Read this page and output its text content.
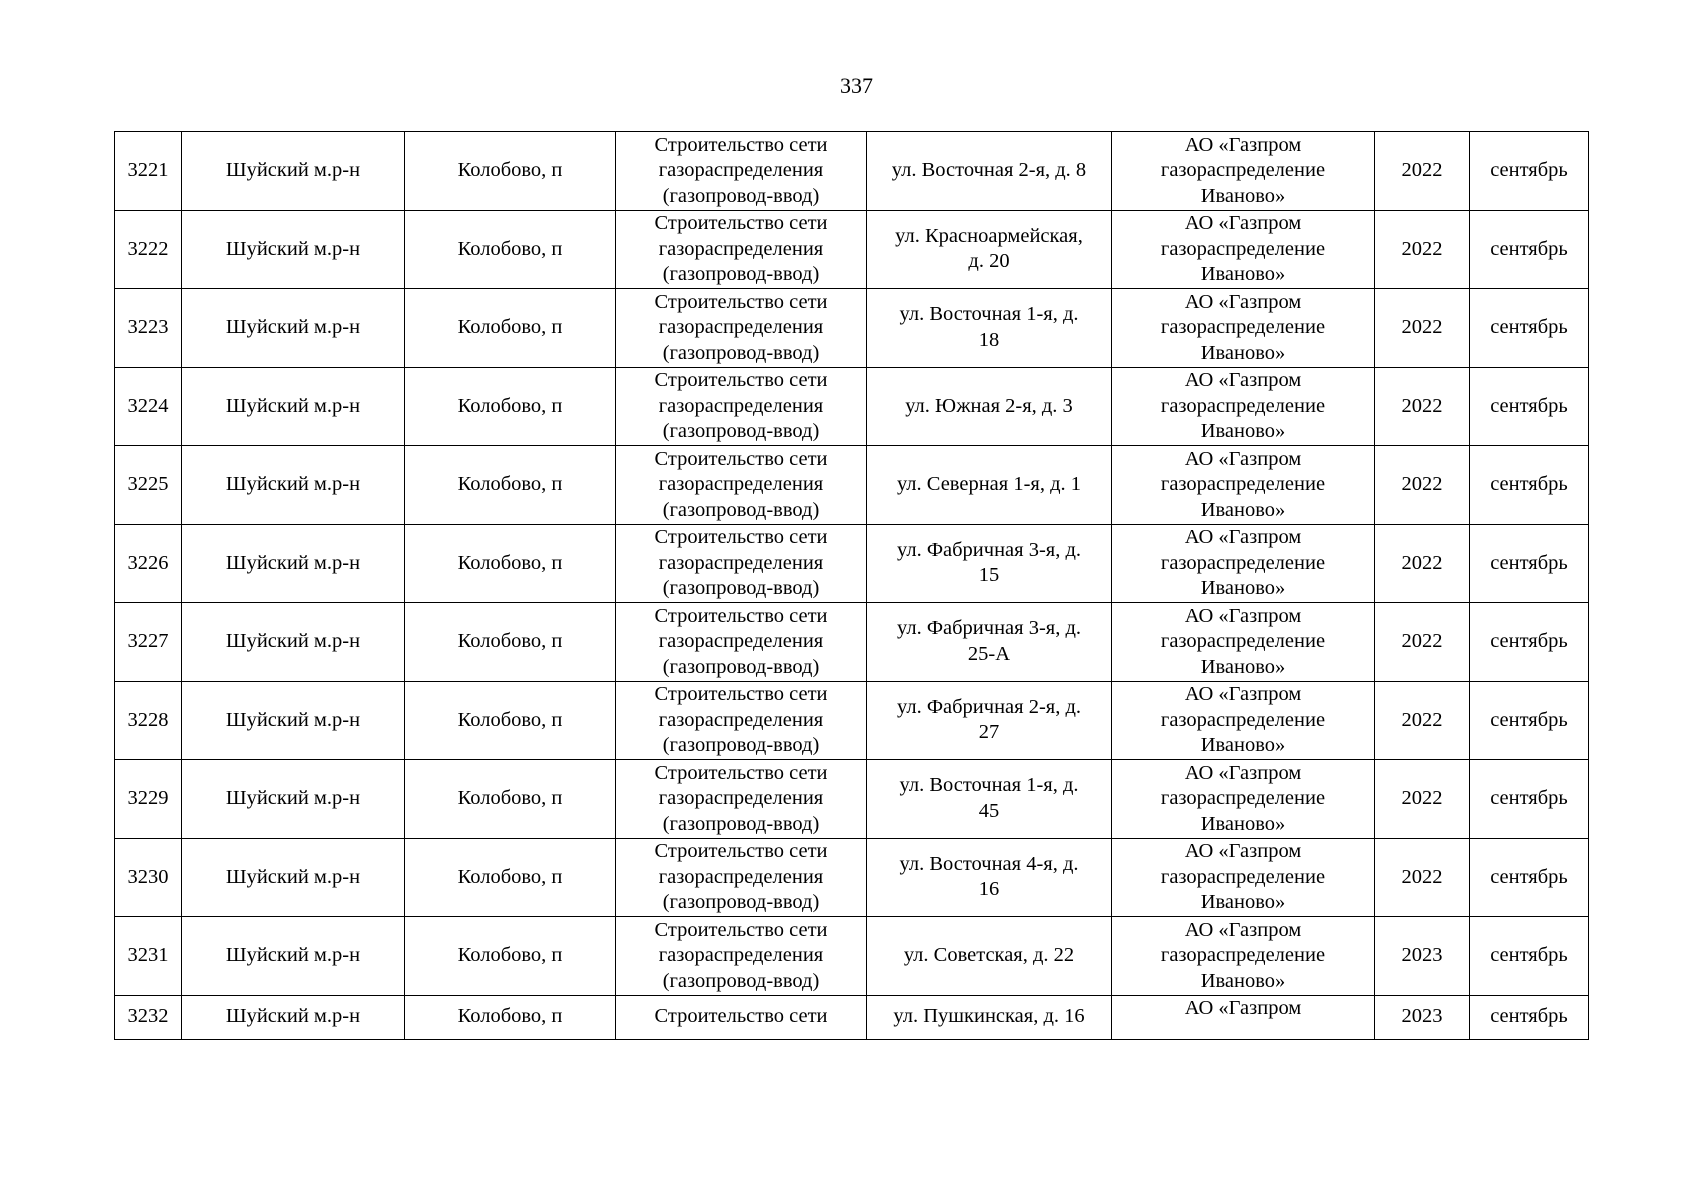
337
3221	Шуйский м.р-н	Колобово, п	Строительство сети
газораспределения
(газопровод-ввод)	ул. Восточная 2-я, д. 8	АО «Газпром
газораспределение
Иваново»	2022	сентябрь
3222	Шуйский м.р-н	Колобово, п	Строительство сети
газораспределения
(газопровод-ввод)	ул. Красноармейская,
д. 20	АО «Газпром
газораспределение
Иваново»	2022	сентябрь
3223	Шуйский м.р-н	Колобово, п	Строительство сети
газораспределения
(газопровод-ввод)	ул. Восточная 1-я, д.
18	АО «Газпром
газораспределение
Иваново»	2022	сентябрь
3224	Шуйский м.р-н	Колобово, п	Строительство сети
газораспределения
(газопровод-ввод)	ул. Южная 2-я, д. 3	АО «Газпром
газораспределение
Иваново»	2022	сентябрь
3225	Шуйский м.р-н	Колобово, п	Строительство сети
газораспределения
(газопровод-ввод)	ул. Северная 1-я, д. 1	АО «Газпром
газораспределение
Иваново»	2022	сентябрь
3226	Шуйский м.р-н	Колобово, п	Строительство сети
газораспределения
(газопровод-ввод)	ул. Фабричная 3-я, д.
15	АО «Газпром
газораспределение
Иваново»	2022	сентябрь
3227	Шуйский м.р-н	Колобово, п	Строительство сети
газораспределения
(газопровод-ввод)	ул. Фабричная 3-я, д.
25-А	АО «Газпром
газораспределение
Иваново»	2022	сентябрь
3228	Шуйский м.р-н	Колобово, п	Строительство сети
газораспределения
(газопровод-ввод)	ул. Фабричная 2-я, д.
27	АО «Газпром
газораспределение
Иваново»	2022	сентябрь
3229	Шуйский м.р-н	Колобово, п	Строительство сети
газораспределения
(газопровод-ввод)	ул. Восточная 1-я, д.
45	АО «Газпром
газораспределение
Иваново»	2022	сентябрь
3230	Шуйский м.р-н	Колобово, п	Строительство сети
газораспределения
(газопровод-ввод)	ул. Восточная 4-я, д.
16	АО «Газпром
газораспределение
Иваново»	2022	сентябрь
3231	Шуйский м.р-н	Колобово, п	Строительство сети
газораспределения
(газопровод-ввод)	ул. Советская, д. 22	АО «Газпром
газораспределение
Иваново»	2023	сентябрь
3232	Шуйский м.р-н	Колобово, п	Строительство сети	ул. Пушкинская, д. 16	АО «Газпром	2023	сентябрь
